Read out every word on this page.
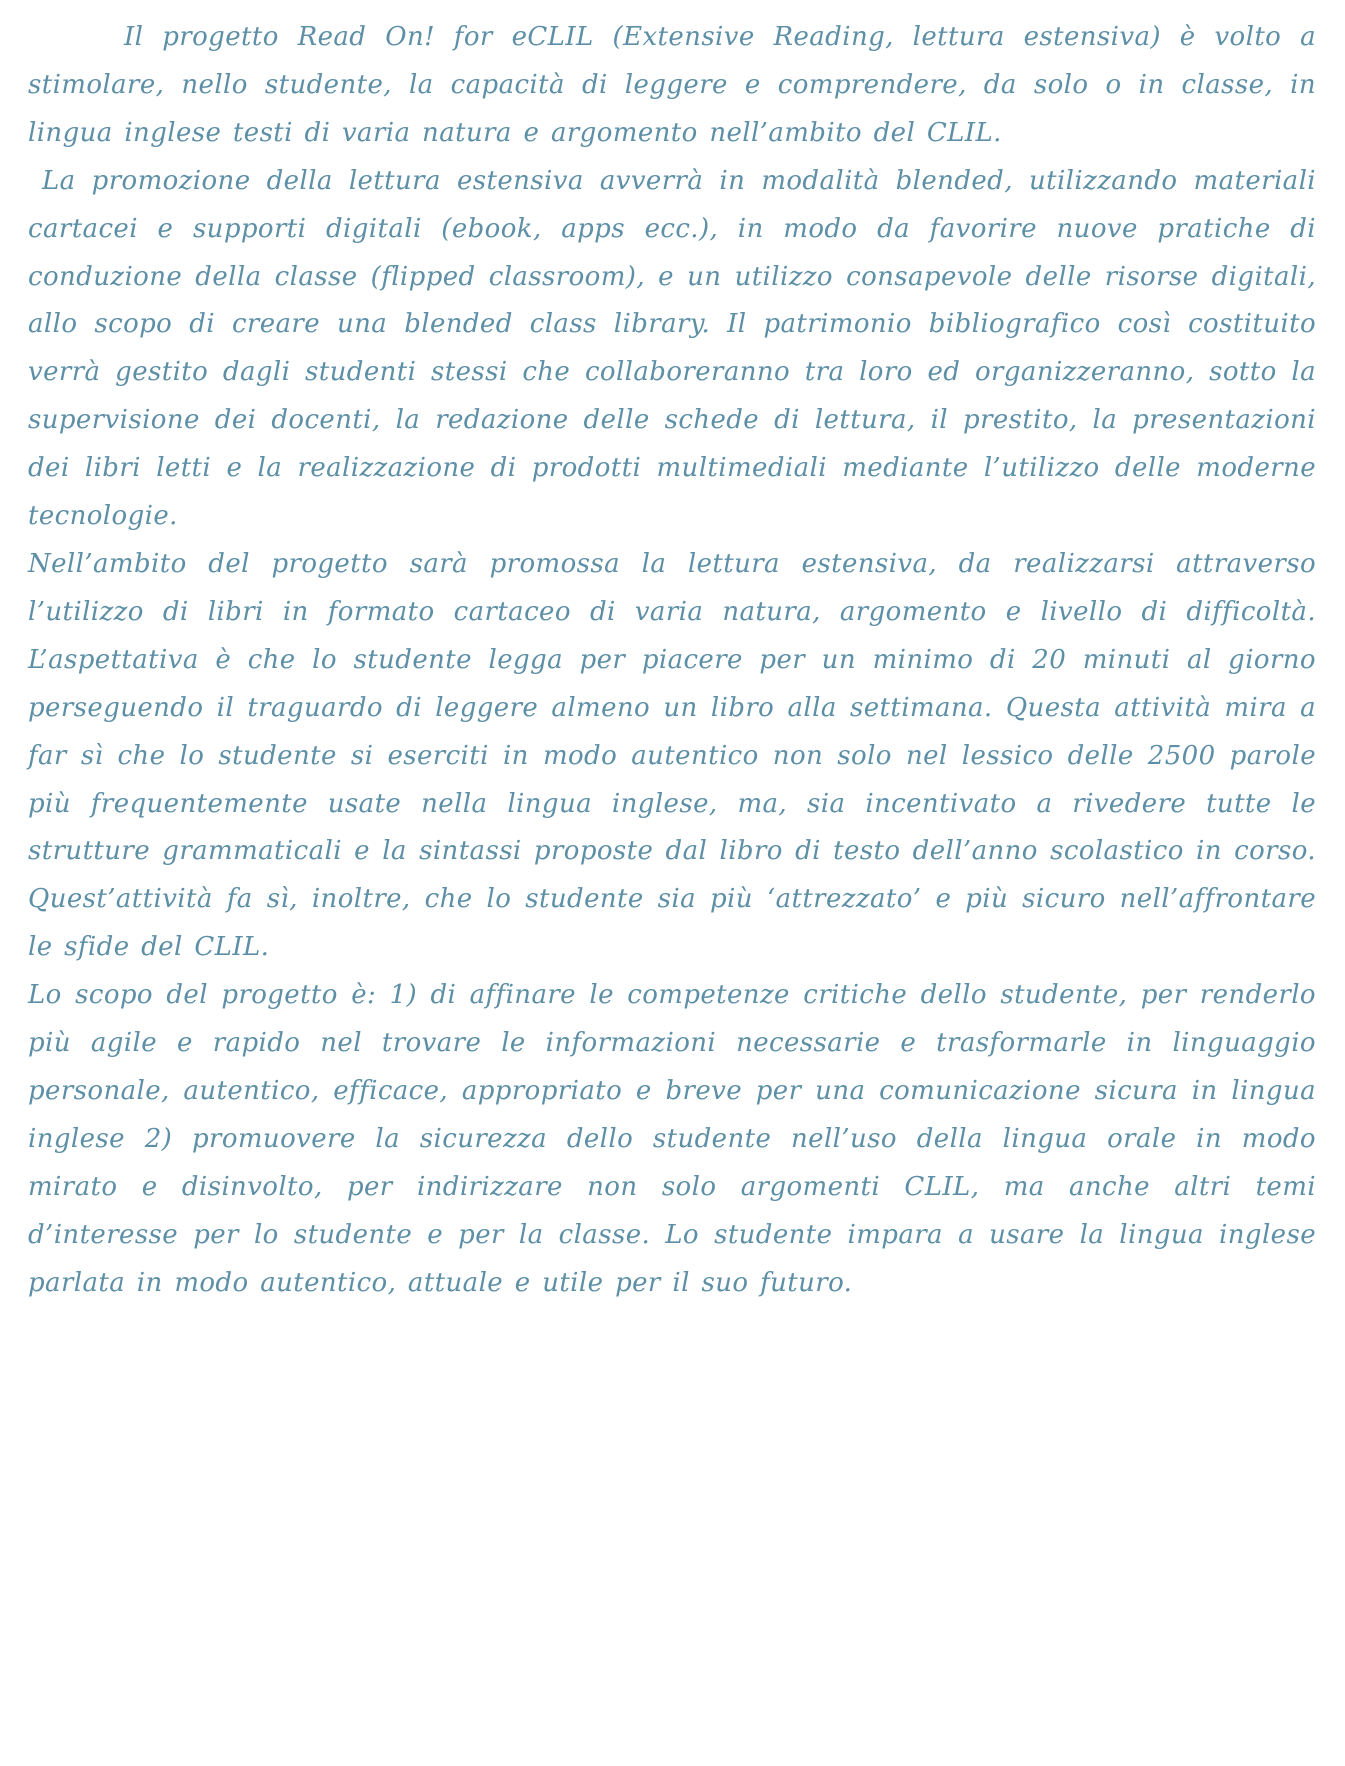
Il progetto Read On! for eCLIL (Extensive Reading, lettura estensiva) è volto a stimolare, nello studente, la capacità di leggere e comprendere, da solo o in classe, in lingua inglese testi di varia natura e argomento nell’ambito del CLIL.

La promozione della lettura estensiva avverrà in modalità blended, utilizzando materiali cartacei e supporti digitali (ebook, apps ecc.), in modo da favorire nuove pratiche di conduzione della classe (flipped classroom), e un utilizzo consapevole delle risorse digitali, allo scopo di creare una blended class library. Il patrimonio bibliografico così costituito verrà gestito dagli studenti stessi che collaboreranno tra loro ed organizzeranno, sotto la supervisione dei docenti, la redazione delle schede di lettura, il prestito, la presentazioni dei libri letti e la realizzazione di prodotti multimediali mediante l’utilizzo delle moderne tecnologie.

Nell’ambito del progetto sarà promossa la lettura estensiva, da realizzarsi attraverso l’utilizzo di libri in formato cartaceo di varia natura, argomento e livello di difficoltà. L’aspettativa è che lo studente legga per piacere per un minimo di 20 minuti al giorno perseguendo il traguardo di leggere almeno un libro alla settimana. Questa attività mira a far sì che lo studente si eserciti in modo autentico non solo nel lessico delle 2500 parole più frequentemente usate nella lingua inglese, ma, sia incentivato a rivedere tutte le strutture grammaticali e la sintassi proposte dal libro di testo dell’anno scolastico in corso. Quest’attività fa sì, inoltre, che lo studente sia più ‘attrezzato’ e più sicuro nell’affrontare le sfide del CLIL.

Lo scopo del progetto è: 1) di affinare le competenze critiche dello studente, per renderlo più agile e rapido nel trovare le informazioni necessarie e trasformarle in linguaggio personale, autentico, efficace, appropriato e breve per una comunicazione sicura in lingua inglese 2) promuovere la sicurezza dello studente nell’uso della lingua orale in modo mirato e disinvolto, per indirizzare non solo argomenti CLIL, ma anche altri temi d’interesse per lo studente e per la classe. Lo studente impara a usare la lingua inglese parlata in modo autentico, attuale e utile per il suo futuro.
